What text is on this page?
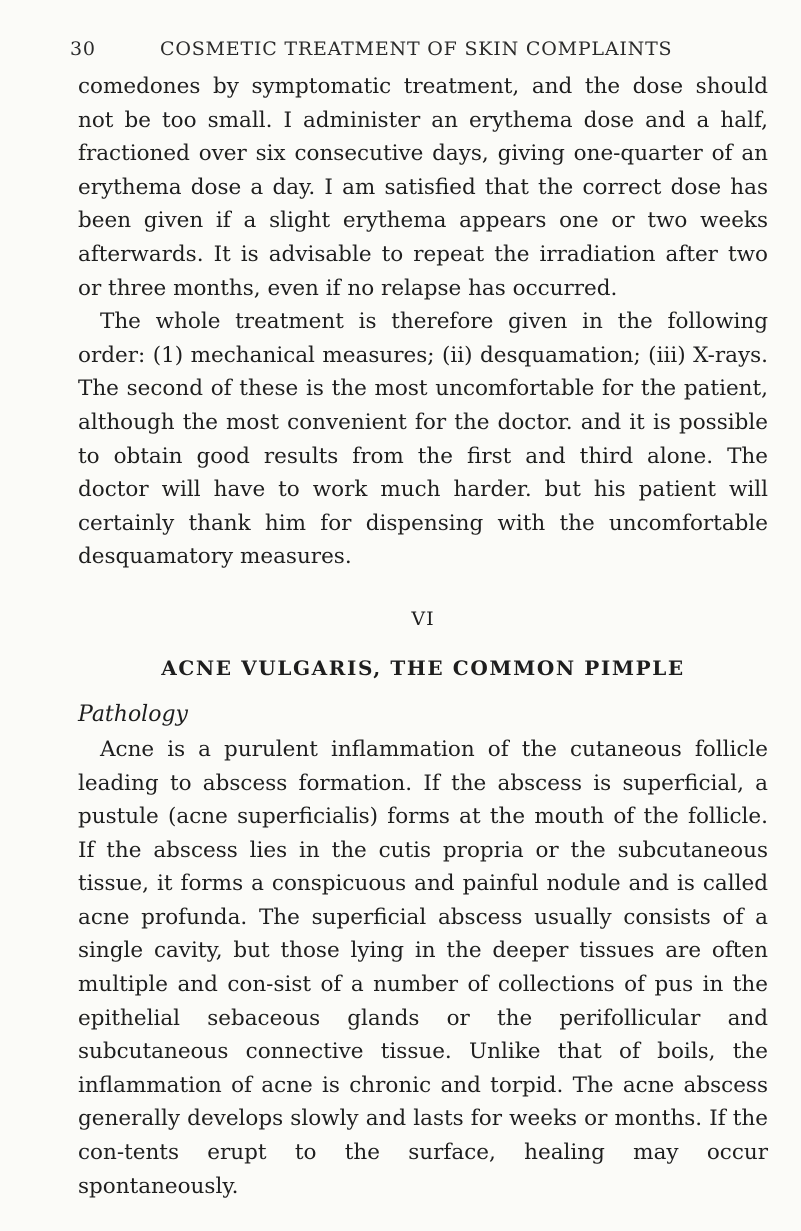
30	COSMETIC TREATMENT OF SKIN COMPLAINTS

comedones by symptomatic treatment, and the dose should not be too small. I administer an erythema dose and a half, fractioned over six consecutive days, giving one-quarter of an erythema dose a day. I am satisfied that the correct dose has been given if a slight erythema appears one or two weeks afterwards. It is advisable to repeat the irradiation after two or three months, even if no relapse has occurred.

The whole treatment is therefore given in the following order: (1) mechanical measures; (ii) desquamation; (iii) X-rays. The second of these is the most uncomfortable for the patient, although the most convenient for the doctor. and it is possible to obtain good results from the first and third alone. The doctor will have to work much harder. but his patient will certainly thank him for dispensing with the uncomfortable desquamatory measures.

VI
ACNE VULGARIS, THE COMMON PIMPLE
Pathology

Acne is a purulent inflammation of the cutaneous follicle leading to abscess formation. If the abscess is superficial, a pustule (acne superficialis) forms at the mouth of the follicle. If the abscess lies in the cutis propria or the subcutaneous tissue, it forms a conspicuous and painful nodule and is called acne profunda. The superficial abscess usually consists of a single cavity, but those lying in the deeper tissues are often multiple and con-sist of a number of collections of pus in the epithelial sebaceous glands or the perifollicular and subcutaneous connective tissue. Unlike that of boils, the inflammation of acne is chronic and torpid. The acne abscess generally develops slowly and lasts for weeks or months. If the con-tents erupt to the surface, healing may occur spontaneously.
